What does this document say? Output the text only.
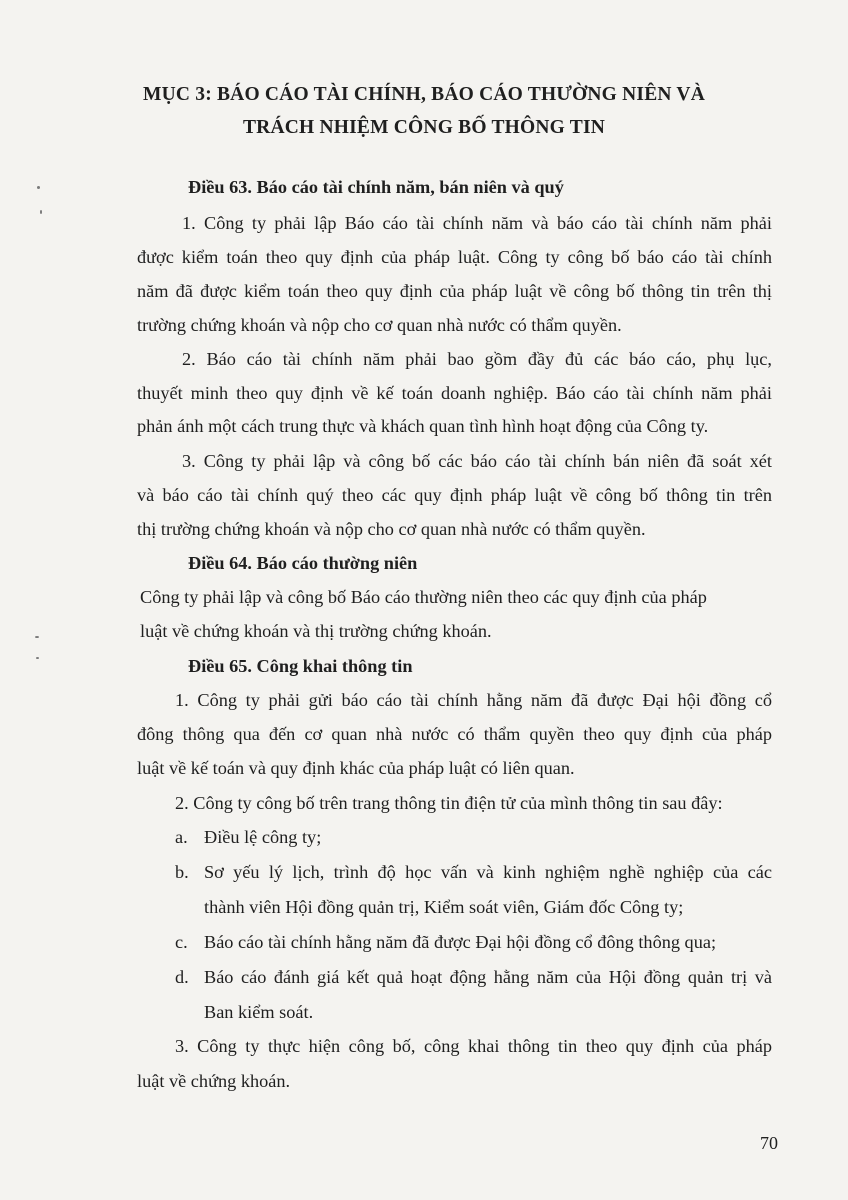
MỤC 3: BÁO CÁO TÀI CHÍNH, BÁO CÁO THƯỜNG NIÊN VÀ
TRÁCH NHIỆM CÔNG BỐ THÔNG TIN
Điều 63. Báo cáo tài chính năm, bán niên và quý
1. Công ty phải lập Báo cáo tài chính năm và báo cáo tài chính năm phải
được kiểm toán theo quy định của pháp luật. Công ty công bố báo cáo tài chính
năm đã được kiểm toán theo quy định của pháp luật về công bố thông tin trên thị
trường chứng khoán và nộp cho cơ quan nhà nước có thẩm quyền.
2. Báo cáo tài chính năm phải bao gồm đầy đủ các báo cáo, phụ lục,
thuyết minh theo quy định về kế toán doanh nghiệp. Báo cáo tài chính năm phải
phản ánh một cách trung thực và khách quan tình hình hoạt động của Công ty.
3. Công ty phải lập và công bố các báo cáo tài chính bán niên đã soát xét
và báo cáo tài chính quý theo các quy định pháp luật về công bố thông tin trên
thị trường chứng khoán và nộp cho cơ quan nhà nước có thẩm quyền.
Điều 64. Báo cáo thường niên
Công ty phải lập và công bố Báo cáo thường niên theo các quy định của pháp
luật về chứng khoán và thị trường chứng khoán.
Điều 65. Công khai thông tin
1. Công ty phải gửi báo cáo tài chính hằng năm đã được Đại hội đồng cổ
đông thông qua đến cơ quan nhà nước có thẩm quyền theo quy định của pháp
luật về kế toán và quy định khác của pháp luật có liên quan.
2. Công ty công bố trên trang thông tin điện tử của mình thông tin sau đây:
a. Điều lệ công ty;
b. Sơ yếu lý lịch, trình độ học vấn và kinh nghiệm nghề nghiệp của các
thành viên Hội đồng quản trị, Kiểm soát viên, Giám đốc Công ty;
c. Báo cáo tài chính hằng năm đã được Đại hội đồng cổ đông thông qua;
d. Báo cáo đánh giá kết quả hoạt động hằng năm của Hội đồng quản trị và
Ban kiểm soát.
3. Công ty thực hiện công bố, công khai thông tin theo quy định của pháp
luật về chứng khoán.
70
